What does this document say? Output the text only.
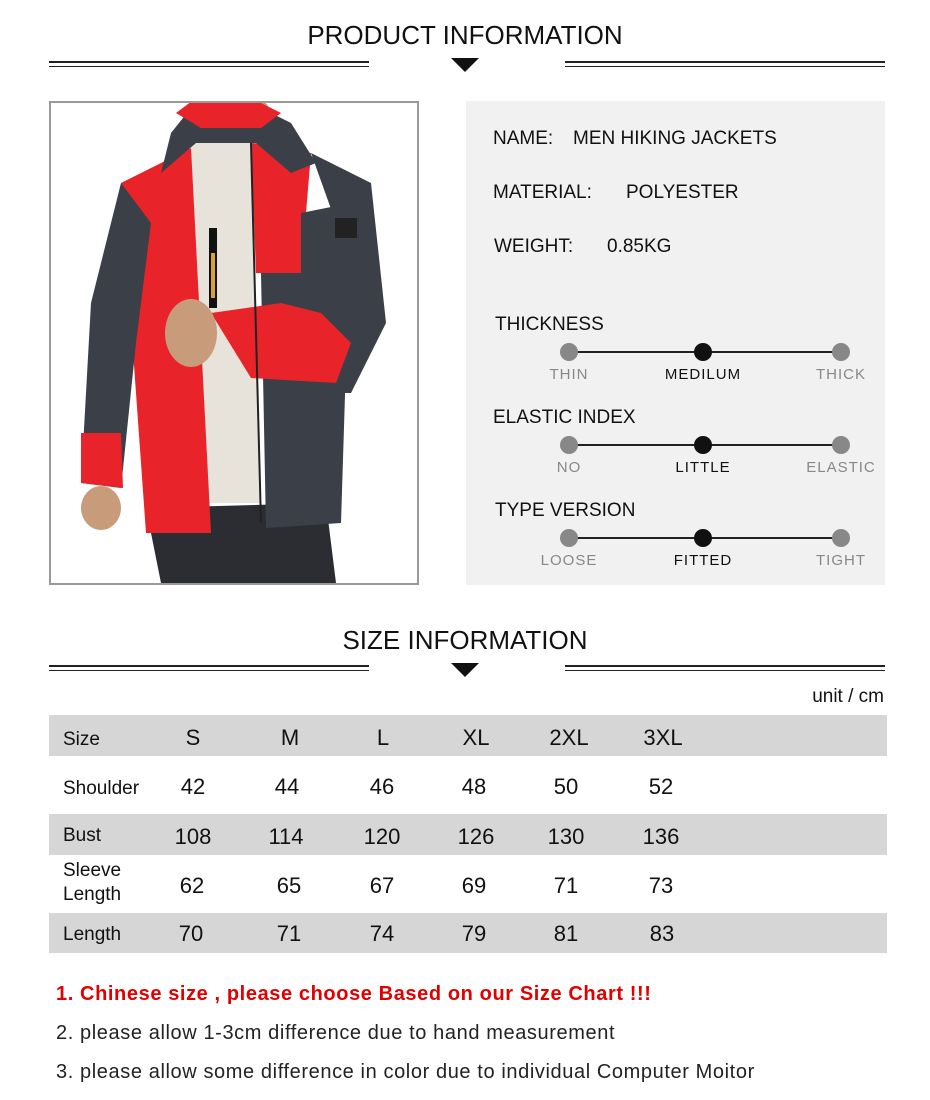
PRODUCT INFORMATION
NAME: MEN HIKING JACKETS
MATERIAL: POLYESTER
WEIGHT: 0.85KG
THICKNESS
THIN	MEDILUM	THICK
ELASTIC INDEX
NO	LITTLE	ELASTIC
TYPE VERSION
LOOSE	FITTED	TIGHT
SIZE INFORMATION
unit / cm
Size	S	M	L	XL	2XL	3XL
Shoulder	42	44	46	48	50	52
Bust	108	114	120	126	130	136
Sleeve
Length	62	65	67	69	71	73
Length	70	71	74	79	81	83
1. Chinese size , please choose Based on our Size Chart !!!
2. please allow 1-3cm difference due to hand measurement
3. please allow some difference in color due to individual Computer Moitor
